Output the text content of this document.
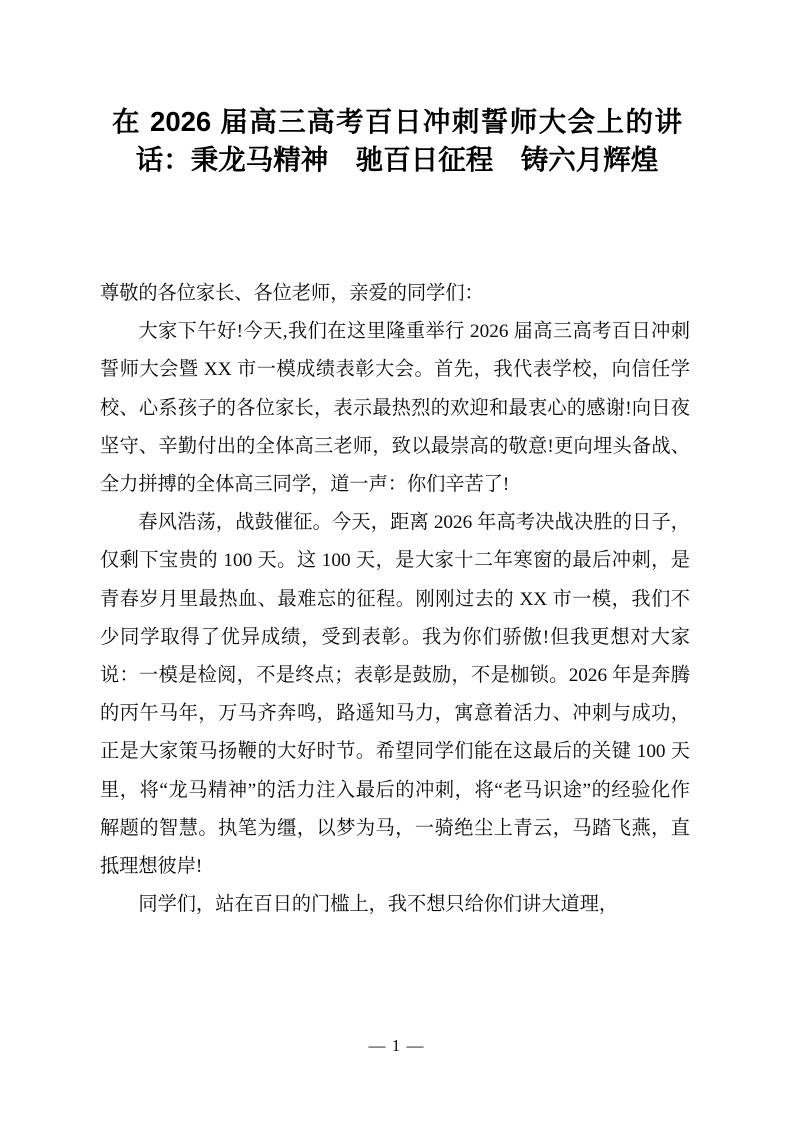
在 2026 届高三高考百日冲刺誓师大会上的讲话：秉龙马精神　驰百日征程　铸六月辉煌

尊敬的各位家长、各位老师，亲爱的同学们：

大家下午好!今天,我们在这里隆重举行 2026 届高三高考百日冲刺誓师大会暨 XX 市一模成绩表彰大会。首先，我代表学校，向信任学校、心系孩子的各位家长，表示最热烈的欢迎和最衷心的感谢!向日夜坚守、辛勤付出的全体高三老师，致以最崇高的敬意!更向埋头备战、全力拼搏的全体高三同学，道一声：你们辛苦了!

春风浩荡，战鼓催征。今天，距离 2026 年高考决战决胜的日子，仅剩下宝贵的 100 天。这 100 天，是大家十二年寒窗的最后冲刺，是青春岁月里最热血、最难忘的征程。刚刚过去的 XX 市一模，我们不少同学取得了优异成绩，受到表彰。我为你们骄傲!但我更想对大家说：一模是检阅，不是终点；表彰是鼓励，不是枷锁。2026 年是奔腾的丙午马年，万马齐奔鸣，路遥知马力，寓意着活力、冲刺与成功，正是大家策马扬鞭的大好时节。希望同学们能在这最后的关键 100 天里，将“龙马精神”的活力注入最后的冲刺，将“老马识途”的经验化作解题的智慧。执笔为缰，以梦为马，一骑绝尘上青云，马踏飞燕，直抵理想彼岸!

同学们，站在百日的门槛上，我不想只给你们讲大道理，

— 1 —
